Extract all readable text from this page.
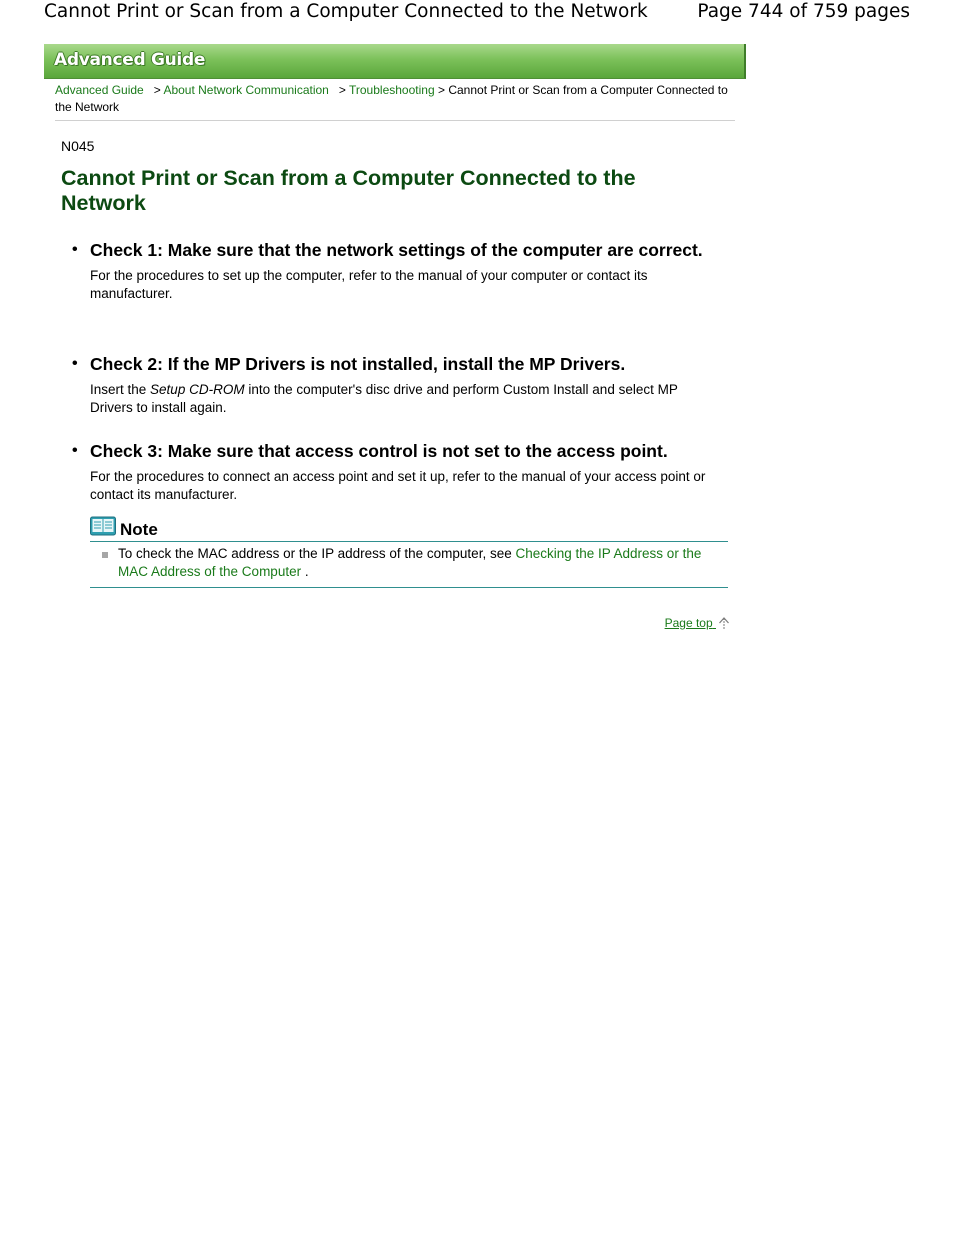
Cannot Print or Scan from a Computer Connected to the Network	Page 744 of 759 pages
Advanced Guide
Advanced Guide > About Network Communication > Troubleshooting > Cannot Print or Scan from a Computer Connected to the Network
N045
Cannot Print or Scan from a Computer Connected to the Network
• Check 1: Make sure that the network settings of the computer are correct.

For the procedures to set up the computer, refer to the manual of your computer or contact its manufacturer.

• Check 2: If the MP Drivers is not installed, install the MP Drivers.

Insert the Setup CD-ROM into the computer's disc drive and perform Custom Install and select MP Drivers to install again.

• Check 3: Make sure that access control is not set to the access point.

For the procedures to connect an access point and set it up, refer to the manual of your access point or contact its manufacturer.

Note
To check the MAC address or the IP address of the computer, see Checking the IP Address or the MAC Address of the Computer .
Page top
